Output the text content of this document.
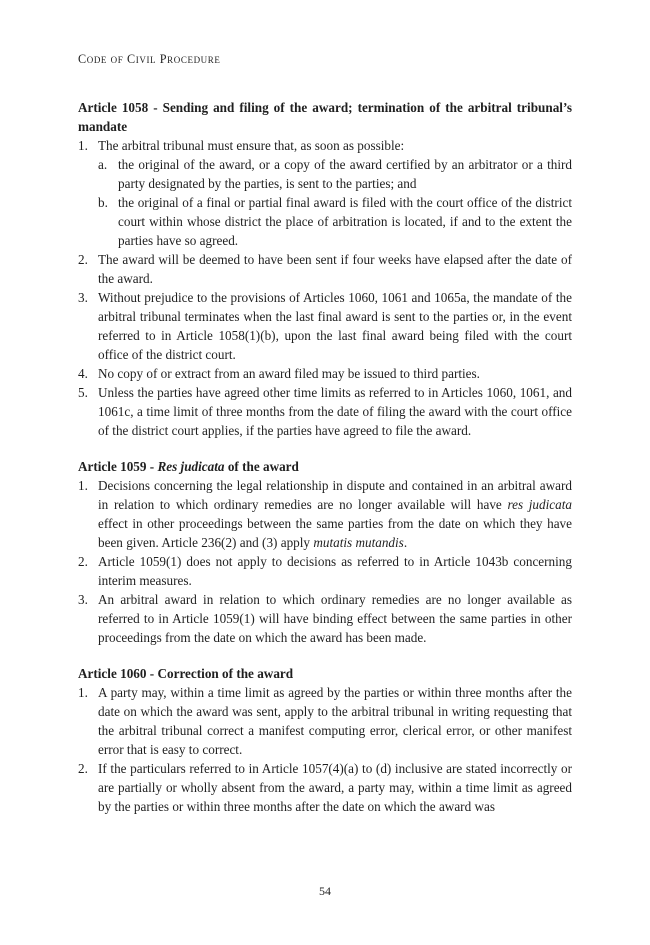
Code of Civil Procedure
Article 1058 - Sending and filing of the award; termination of the arbitral tribunal’s mandate
1. The arbitral tribunal must ensure that, as soon as possible:
a. the original of the award, or a copy of the award certified by an arbitrator or a third party designated by the parties, is sent to the parties; and
b. the original of a final or partial final award is filed with the court office of the district court within whose district the place of arbitration is located, if and to the extent the parties have so agreed.
2. The award will be deemed to have been sent if four weeks have elapsed after the date of the award.
3. Without prejudice to the provisions of Articles 1060, 1061 and 1065a, the mandate of the arbitral tribunal terminates when the last final award is sent to the parties or, in the event referred to in Article 1058(1)(b), upon the last final award being filed with the court office of the district court.
4. No copy of or extract from an award filed may be issued to third parties.
5. Unless the parties have agreed other time limits as referred to in Articles 1060, 1061, and 1061c, a time limit of three months from the date of filing the award with the court office of the district court applies, if the parties have agreed to file the award.
Article 1059 - Res judicata of the award
1. Decisions concerning the legal relationship in dispute and contained in an arbitral award in relation to which ordinary remedies are no longer available will have res judicata effect in other proceedings between the same parties from the date on which they have been given. Article 236(2) and (3) apply mutatis mutandis.
2. Article 1059(1) does not apply to decisions as referred to in Article 1043b concerning interim measures.
3. An arbitral award in relation to which ordinary remedies are no longer available as referred to in Article 1059(1) will have binding effect between the same parties in other proceedings from the date on which the award has been made.
Article 1060 - Correction of the award
1. A party may, within a time limit as agreed by the parties or within three months after the date on which the award was sent, apply to the arbitral tribunal in writing requesting that the arbitral tribunal correct a manifest computing error, clerical error, or other manifest error that is easy to correct.
2. If the particulars referred to in Article 1057(4)(a) to (d) inclusive are stated incorrectly or are partially or wholly absent from the award, a party may, within a time limit as agreed by the parties or within three months after the date on which the award was
54
